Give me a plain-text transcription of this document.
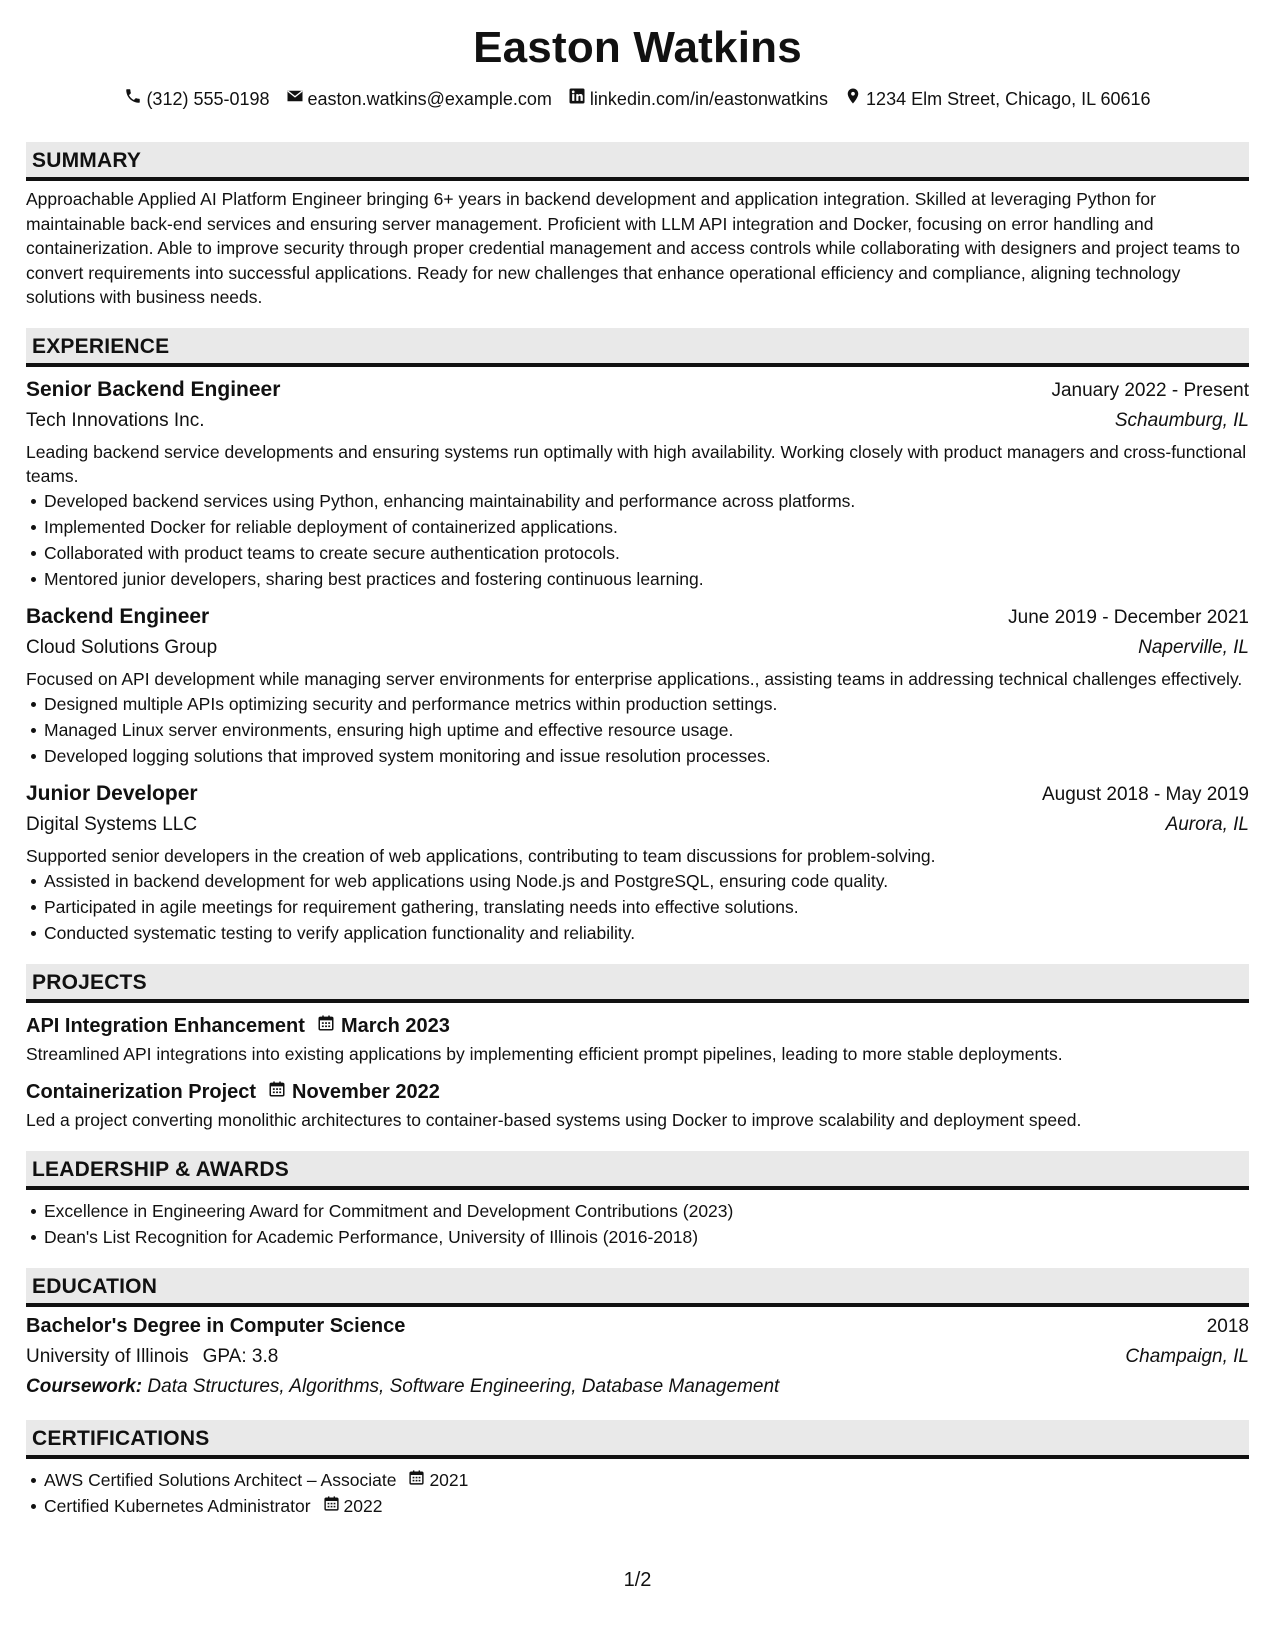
Easton Watkins
(312) 555-0198 easton.watkins@example.com linkedin.com/in/eastonwatkins 1234 Elm Street, Chicago, IL 60616
SUMMARY

Approachable Applied AI Platform Engineer bringing 6+ years in backend development and application integration. Skilled at leveraging Python for maintainable back-end services and ensuring server management. Proficient with LLM API integration and Docker, focusing on error handling and containerization. Able to improve security through proper credential management and access controls while collaborating with designers and project teams to convert requirements into successful applications. Ready for new challenges that enhance operational efficiency and compliance, aligning technology solutions with business needs.

EXPERIENCE
Senior Backend Engineer	January 2022 - Present
Tech Innovations Inc.	Schaumburg, IL

Leading backend service developments and ensuring systems run optimally with high availability. Working closely with product managers and cross-functional teams.

Developed backend services using Python, enhancing maintainability and performance across platforms.
Implemented Docker for reliable deployment of containerized applications.
Collaborated with product teams to create secure authentication protocols.
Mentored junior developers, sharing best practices and fostering continuous learning.
Backend Engineer	June 2019 - December 2021
Cloud Solutions Group	Naperville, IL

Focused on API development while managing server environments for enterprise applications., assisting teams in addressing technical challenges effectively.

Designed multiple APIs optimizing security and performance metrics within production settings.
Managed Linux server environments, ensuring high uptime and effective resource usage.
Developed logging solutions that improved system monitoring and issue resolution processes.
Junior Developer	August 2018 - May 2019
Digital Systems LLC	Aurora, IL

Supported senior developers in the creation of web applications, contributing to team discussions for problem-solving.

Assisted in backend development for web applications using Node.js and PostgreSQL, ensuring code quality.
Participated in agile meetings for requirement gathering, translating needs into effective solutions.
Conducted systematic testing to verify application functionality and reliability.
PROJECTS
API Integration Enhancement March 2023

Streamlined API integrations into existing applications by implementing efficient prompt pipelines, leading to more stable deployments.

Containerization Project November 2022

Led a project converting monolithic architectures to container-based systems using Docker to improve scalability and deployment speed.

LEADERSHIP & AWARDS
Excellence in Engineering Award for Commitment and Development Contributions (2023)
Dean's List Recognition for Academic Performance, University of Illinois (2016-2018)
EDUCATION
Bachelor's Degree in Computer Science	2018
University of Illinois GPA: 3.8	Champaign, IL
Coursework: Data Structures, Algorithms, Software Engineering, Database Management
CERTIFICATIONS
AWS Certified Solutions Architect – Associate 2021
Certified Kubernetes Administrator 2022
1/2
